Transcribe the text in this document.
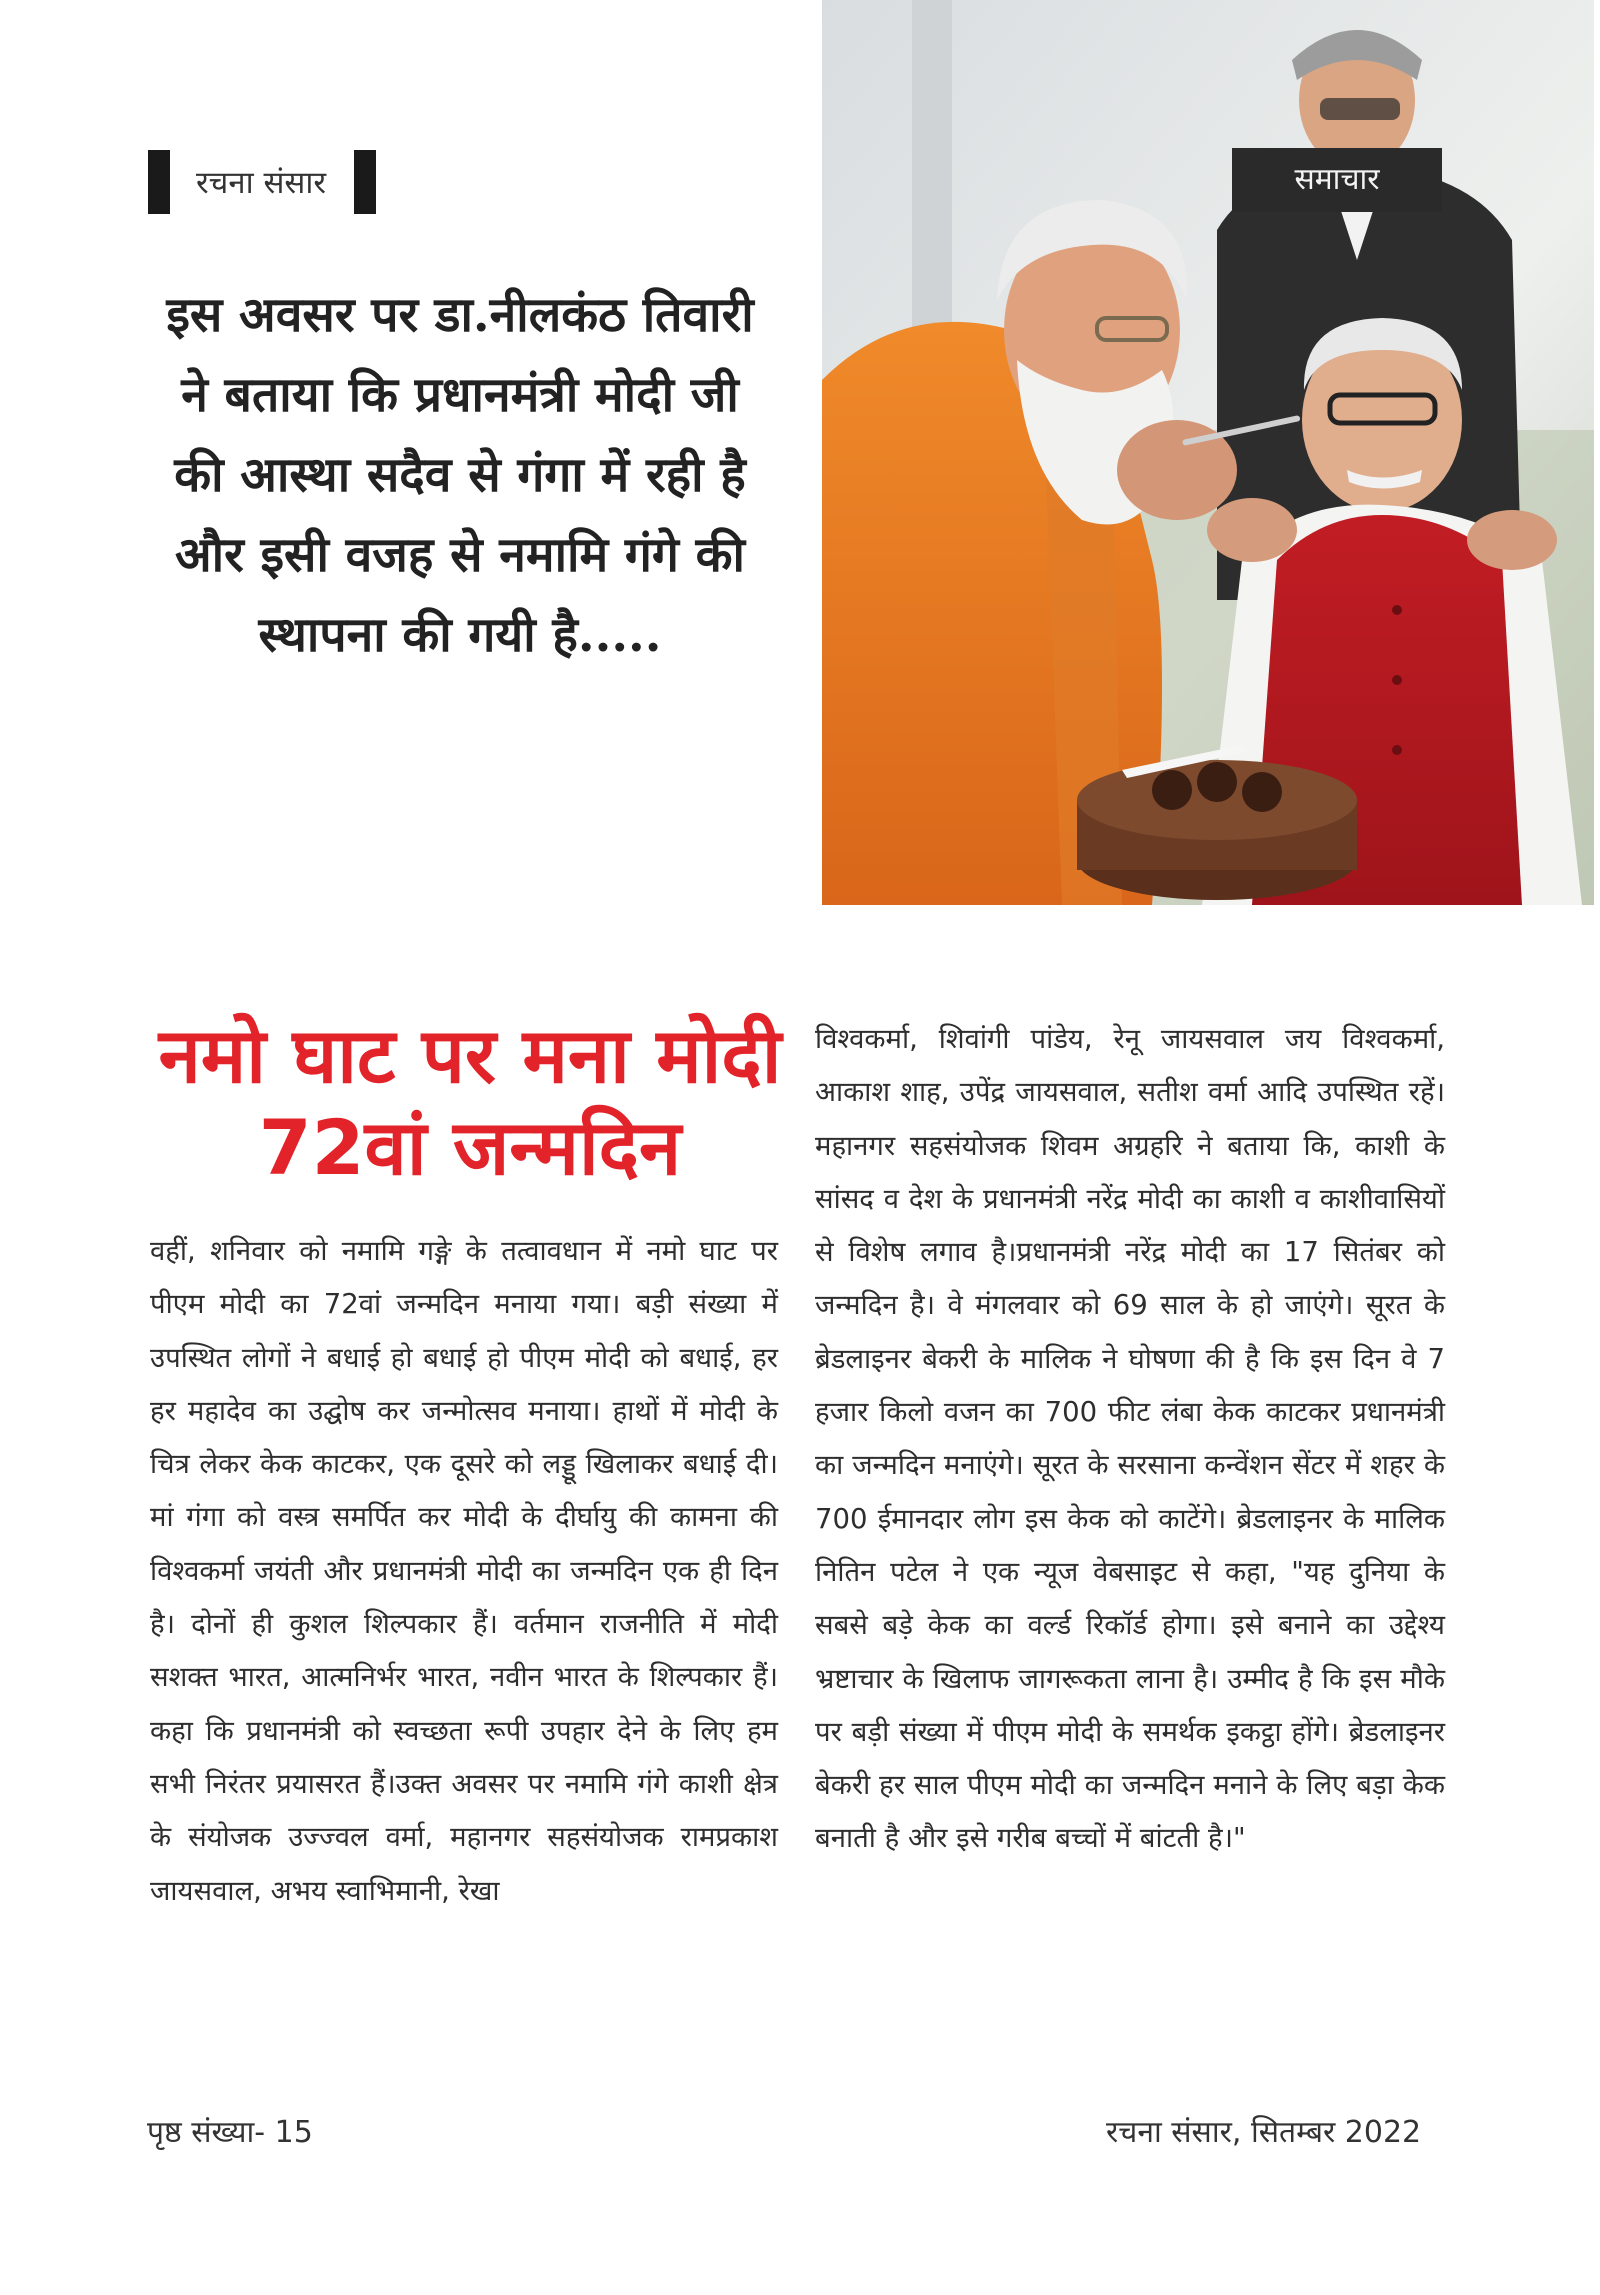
रचना संसार
इस अवसर पर डा.नीलकंठ तिवारी ने बताया कि प्रधानमंत्री मोदी जी की आस्था सदैव से गंगा में रही है और इसी वजह से नमामि गंगे की स्थापना की गयी है.....
समाचार
नमो घाट पर मना मोदी 72वां जन्मदिन
वहीं, शनिवार को नमामि गङ्गे के तत्वावधान में नमो घाट पर पीएम मोदी का 72वां जन्मदिन मनाया गया। बड़ी संख्या में उपस्थित लोगों ने बधाई हो बधाई हो पीएम मोदी को बधाई, हर हर महादेव का उद्घोष कर जन्मोत्सव मनाया। हाथों में मोदी के चित्र लेकर केक काटकर, एक दूसरे को लड्डू खिलाकर बधाई दी। मां गंगा को वस्त्र समर्पित कर मोदी के दीर्घायु की कामना की विश्वकर्मा जयंती और प्रधानमंत्री मोदी का जन्मदिन एक ही दिन है। दोनों ही कुशल शिल्पकार हैं। वर्तमान राजनीति में मोदी सशक्त भारत, आत्मनिर्भर भारत, नवीन भारत के शिल्पकार हैं। कहा कि प्रधानमंत्री को स्वच्छता रूपी उपहार देने के लिए हम सभी निरंतर प्रयासरत हैं।उक्त अवसर पर नमामि गंगे काशी क्षेत्र के संयोजक उज्ज्वल वर्मा, महानगर सहसंयोजक रामप्रकाश जायसवाल, अभय स्वाभिमानी, रेखा
विश्वकर्मा, शिवांगी पांडेय, रेनू जायसवाल जय विश्वकर्मा, आकाश शाह, उपेंद्र जायसवाल, सतीश वर्मा आदि उपस्थित रहें।महानगर सहसंयोजक शिवम अग्रहरि ने बताया कि, काशी के सांसद व देश के प्रधानमंत्री नरेंद्र मोदी का काशी व काशीवासियों से विशेष लगाव है।प्रधानमंत्री नरेंद्र मोदी का 17 सितंबर को जन्मदिन है। वे मंगलवार को 69 साल के हो जाएंगे। सूरत के ब्रेडलाइनर बेकरी के मालिक ने घोषणा की है कि इस दिन वे 7 हजार किलो वजन का 700 फीट लंबा केक काटकर प्रधानमंत्री का जन्मदिन मनाएंगे। सूरत के सरसाना कन्वेंशन सेंटर में शहर के 700 ईमानदार लोग इस केक को काटेंगे। ब्रेडलाइनर के मालिक नितिन पटेल ने एक न्यूज वेबसाइट से कहा, "यह दुनिया के सबसे बड़े केक का वर्ल्ड रिकॉर्ड होगा। इसे बनाने का उद्देश्य भ्रष्टाचार के खिलाफ जागरूकता लाना है। उम्मीद है कि इस मौके पर बड़ी संख्या में पीएम मोदी के समर्थक इकट्ठा होंगे। ब्रेडलाइनर बेकरी हर साल पीएम मोदी का जन्मदिन मनाने के लिए बड़ा केक बनाती है और इसे गरीब बच्चों में बांटती है।"
पृष्ठ संख्या- 15	रचना संसार, सितम्बर 2022
